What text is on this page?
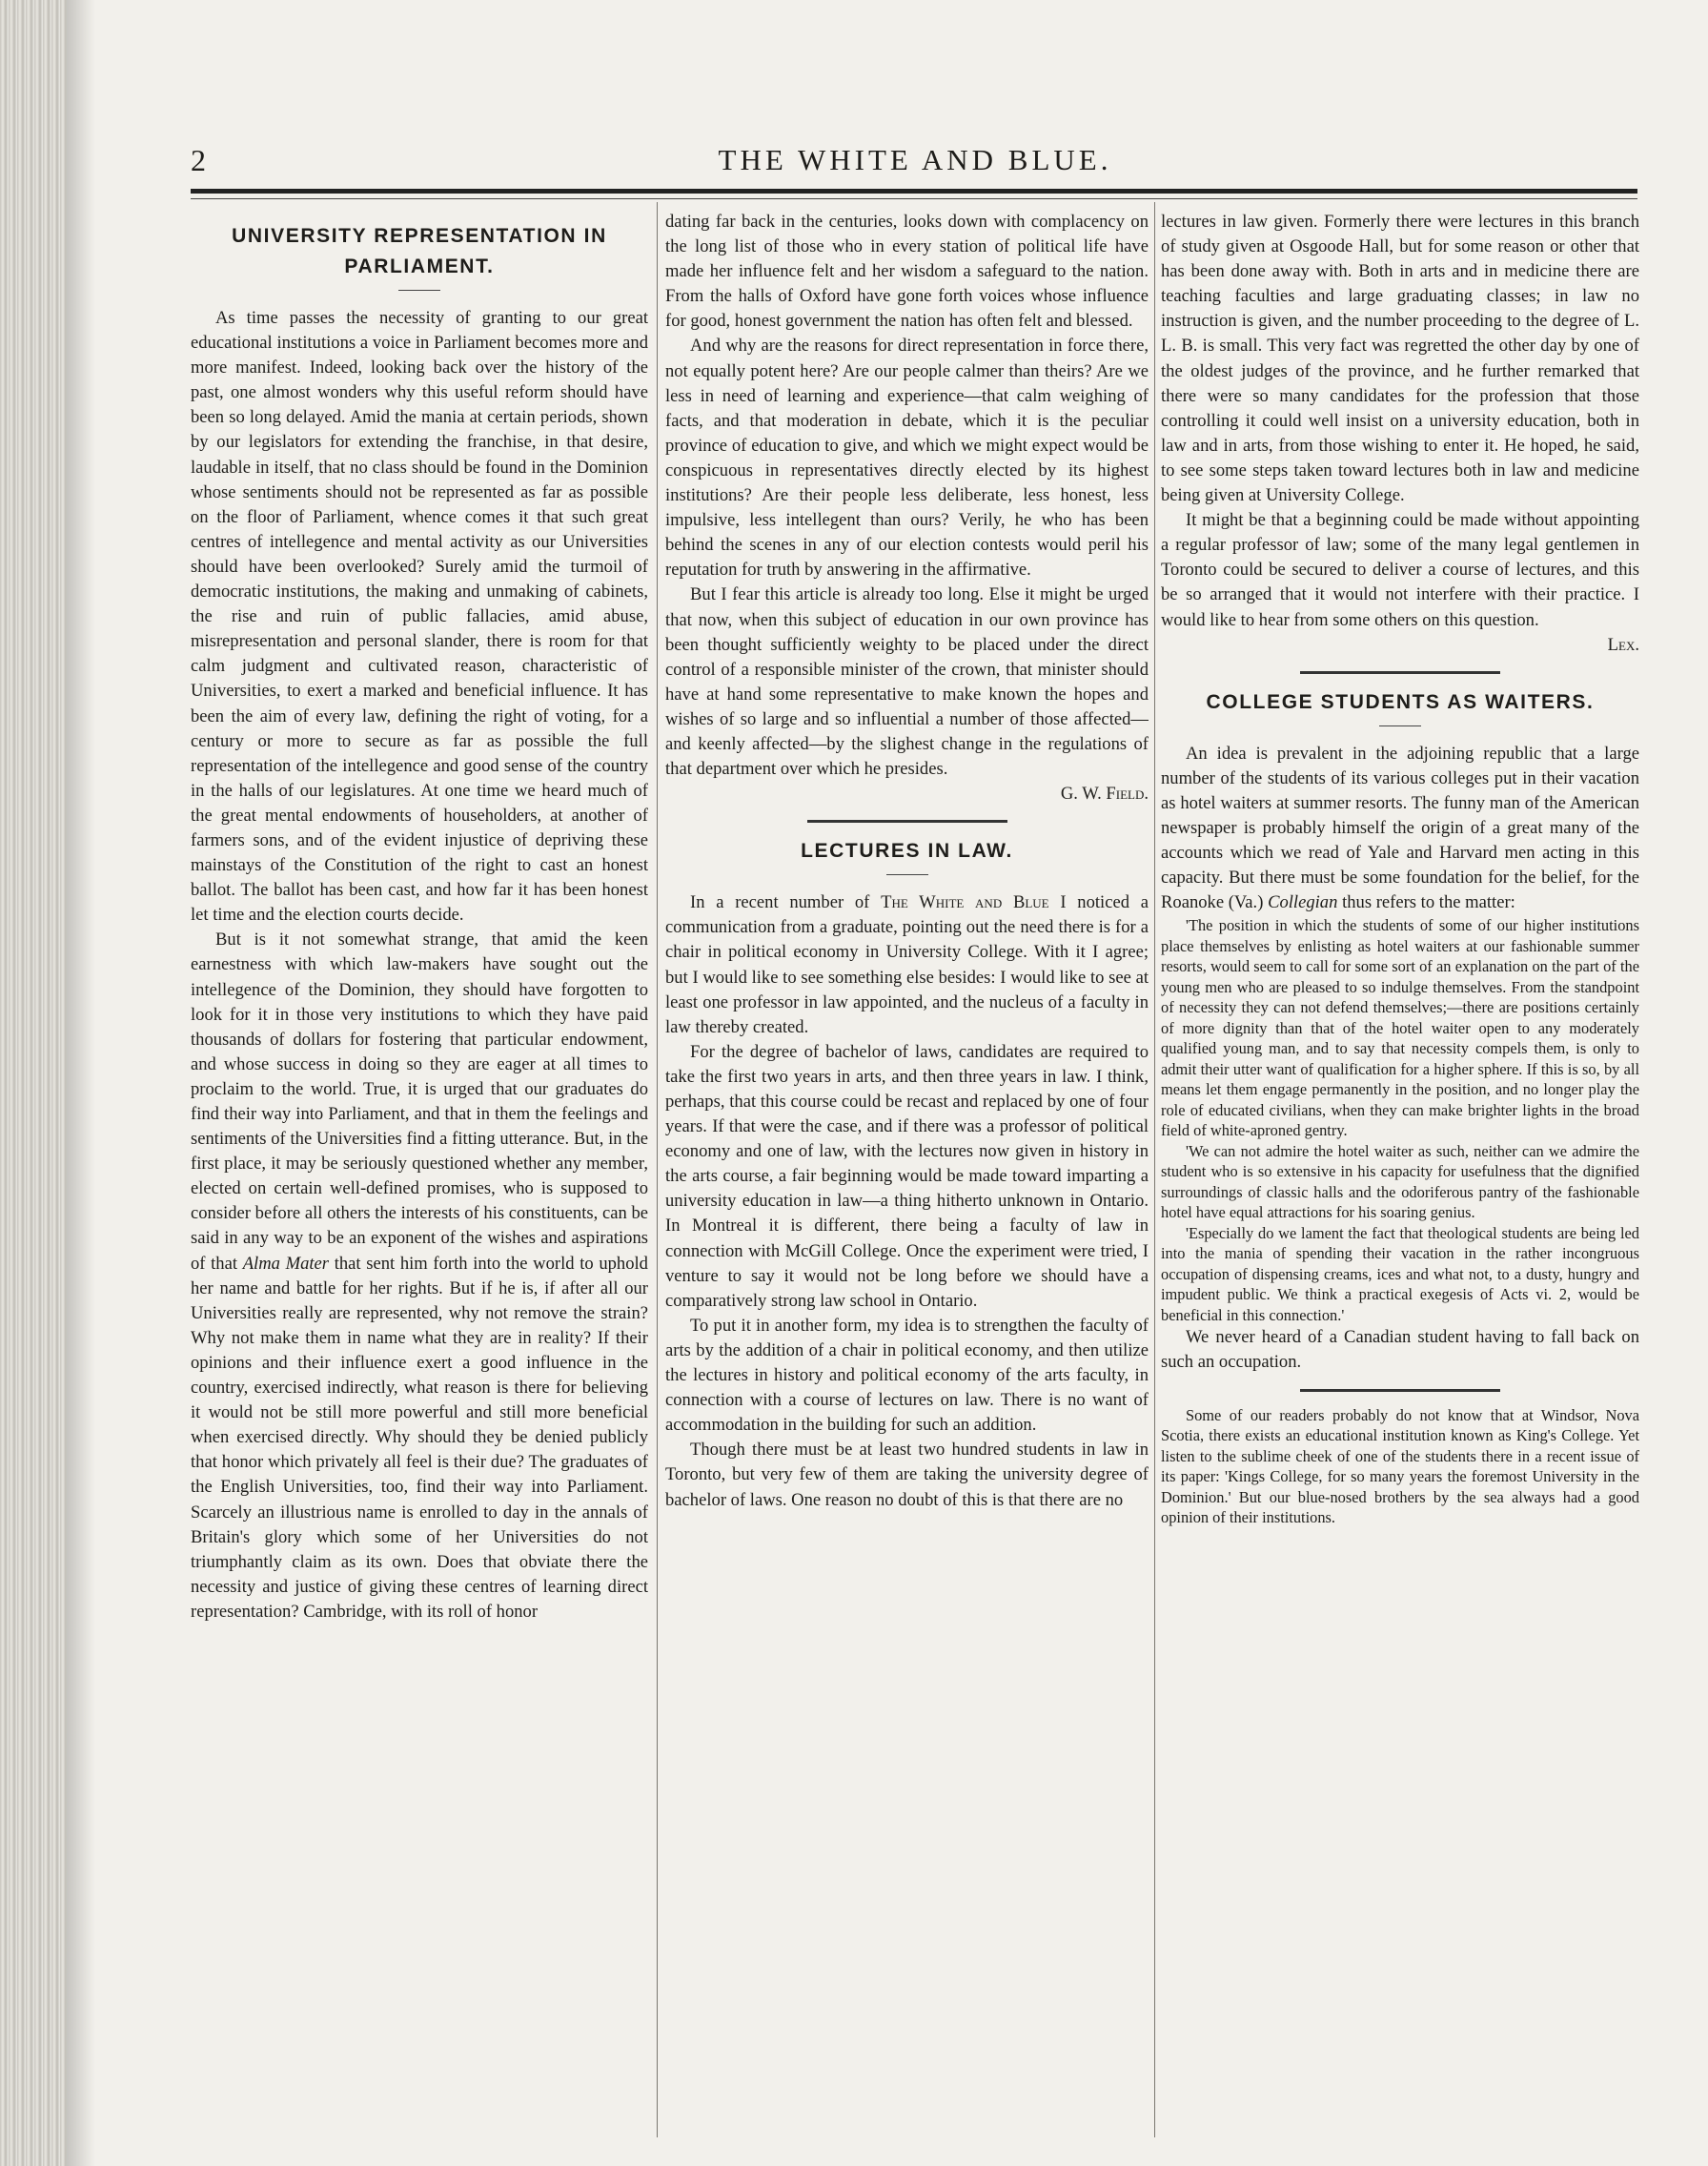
2	THE WHITE AND BLUE.
UNIVERSITY REPRESENTATION IN PARLIAMENT.

As time passes the necessity of granting to our great educational institutions a voice in Parliament becomes more and more manifest. Indeed, looking back over the history of the past, one almost wonders why this useful reform should have been so long delayed. Amid the mania at certain periods, shown by our legislators for extending the franchise, in that desire, laudable in itself, that no class should be found in the Dominion whose sentiments should not be represented as far as possible on the floor of Parliament, whence comes it that such great centres of intellegence and mental activity as our Universities should have been overlooked? Surely amid the turmoil of democratic institutions, the making and unmaking of cabinets, the rise and ruin of public fallacies, amid abuse, misrepresentation and personal slander, there is room for that calm judgment and cultivated reason, characteristic of Universities, to exert a marked and beneficial influence. It has been the aim of every law, defining the right of voting, for a century or more to secure as far as possible the full representation of the intellegence and good sense of the country in the halls of our legislatures. At one time we heard much of the great mental endowments of householders, at another of farmers sons, and of the evident injustice of depriving these mainstays of the Constitution of the right to cast an honest ballot. The ballot has been cast, and how far it has been honest let time and the election courts decide.

But is it not somewhat strange, that amid the keen earnestness with which law-makers have sought out the intellegence of the Dominion, they should have forgotten to look for it in those very institutions to which they have paid thousands of dollars for fostering that particular endowment, and whose success in doing so they are eager at all times to proclaim to the world. True, it is urged that our graduates do find their way into Parliament, and that in them the feelings and sentiments of the Universities find a fitting utterance. But, in the first place, it may be seriously questioned whether any member, elected on certain well-defined promises, who is supposed to consider before all others the interests of his constituents, can be said in any way to be an exponent of the wishes and aspirations of that Alma Mater that sent him forth into the world to uphold her name and battle for her rights. But if he is, if after all our Universities really are represented, why not remove the strain? Why not make them in name what they are in reality? If their opinions and their influence exert a good influence in the country, exercised indirectly, what reason is there for believing it would not be still more powerful and still more beneficial when exercised directly. Why should they be denied publicly that honor which privately all feel is their due? The graduates of the English Universities, too, find their way into Parliament. Scarcely an illustrious name is enrolled to day in the annals of Britain's glory which some of her Universities do not triumphantly claim as its own. Does that obviate there the necessity and justice of giving these centres of learning direct representation? Cambridge, with its roll of honor

dating far back in the centuries, looks down with complacency on the long list of those who in every station of political life have made her influence felt and her wisdom a safeguard to the nation. From the halls of Oxford have gone forth voices whose influence for good, honest government the nation has often felt and blessed.

And why are the reasons for direct representation in force there, not equally potent here? Are our people calmer than theirs? Are we less in need of learning and experience—that calm weighing of facts, and that moderation in debate, which it is the peculiar province of education to give, and which we might expect would be conspicuous in representatives directly elected by its highest institutions? Are their people less deliberate, less honest, less impulsive, less intellegent than ours? Verily, he who has been behind the scenes in any of our election contests would peril his reputation for truth by answering in the affirmative.

But I fear this article is already too long. Else it might be urged that now, when this subject of education in our own province has been thought sufficiently weighty to be placed under the direct control of a responsible minister of the crown, that minister should have at hand some representative to make known the hopes and wishes of so large and so influential a number of those affected—and keenly affected—by the slighest change in the regulations of that department over which he presides.

G. W. Field.
LECTURES IN LAW.

In a recent number of The White and Blue I noticed a communication from a graduate, pointing out the need there is for a chair in political economy in University College. With it I agree; but I would like to see something else besides: I would like to see at least one professor in law appointed, and the nucleus of a faculty in law thereby created.

For the degree of bachelor of laws, candidates are required to take the first two years in arts, and then three years in law. I think, perhaps, that this course could be recast and replaced by one of four years. If that were the case, and if there was a professor of political economy and one of law, with the lectures now given in history in the arts course, a fair beginning would be made toward imparting a university education in law—a thing hitherto unknown in Ontario. In Montreal it is different, there being a faculty of law in connection with McGill College. Once the experiment were tried, I venture to say it would not be long before we should have a comparatively strong law school in Ontario.

To put it in another form, my idea is to strengthen the faculty of arts by the addition of a chair in political economy, and then utilize the lectures in history and political economy of the arts faculty, in connection with a course of lectures on law. There is no want of accommodation in the building for such an addition.

Though there must be at least two hundred students in law in Toronto, but very few of them are taking the university degree of bachelor of laws. One reason no doubt of this is that there are no

lectures in law given. Formerly there were lectures in this branch of study given at Osgoode Hall, but for some reason or other that has been done away with. Both in arts and in medicine there are teaching faculties and large graduating classes; in law no instruction is given, and the number proceeding to the degree of L. L. B. is small. This very fact was regretted the other day by one of the oldest judges of the province, and he further remarked that there were so many candidates for the profession that those controlling it could well insist on a university education, both in law and in arts, from those wishing to enter it. He hoped, he said, to see some steps taken toward lectures both in law and medicine being given at University College.

It might be that a beginning could be made without appointing a regular professor of law; some of the many legal gentlemen in Toronto could be secured to deliver a course of lectures, and this be so arranged that it would not interfere with their practice. I would like to hear from some others on this question.

Lex.
COLLEGE STUDENTS AS WAITERS.

An idea is prevalent in the adjoining republic that a large number of the students of its various colleges put in their vacation as hotel waiters at summer resorts. The funny man of the American newspaper is probably himself the origin of a great many of the accounts which we read of Yale and Harvard men acting in this capacity. But there must be some foundation for the belief, for the Roanoke (Va.) Collegian thus refers to the matter:

'The position in which the students of some of our higher institutions place themselves by enlisting as hotel waiters at our fashionable summer resorts, would seem to call for some sort of an explanation on the part of the young men who are pleased to so indulge themselves. From the standpoint of necessity they can not defend themselves;—there are positions certainly of more dignity than that of the hotel waiter open to any moderately qualified young man, and to say that necessity compels them, is only to admit their utter want of qualification for a higher sphere. If this is so, by all means let them engage permanently in the position, and no longer play the role of educated civilians, when they can make brighter lights in the broad field of white-aproned gentry.

'We can not admire the hotel waiter as such, neither can we admire the student who is so extensive in his capacity for usefulness that the dignified surroundings of classic halls and the odoriferous pantry of the fashionable hotel have equal attractions for his soaring genius.

'Especially do we lament the fact that theological students are being led into the mania of spending their vacation in the rather incongruous occupation of dispensing creams, ices and what not, to a dusty, hungry and impudent public. We think a practical exegesis of Acts vi. 2, would be beneficial in this connection.'

We never heard of a Canadian student having to fall back on such an occupation.

Some of our readers probably do not know that at Windsor, Nova Scotia, there exists an educational institution known as King's College. Yet listen to the sublime cheek of one of the students there in a recent issue of its paper: 'Kings College, for so many years the foremost University in the Dominion.' But our blue-nosed brothers by the sea always had a good opinion of their institutions.
